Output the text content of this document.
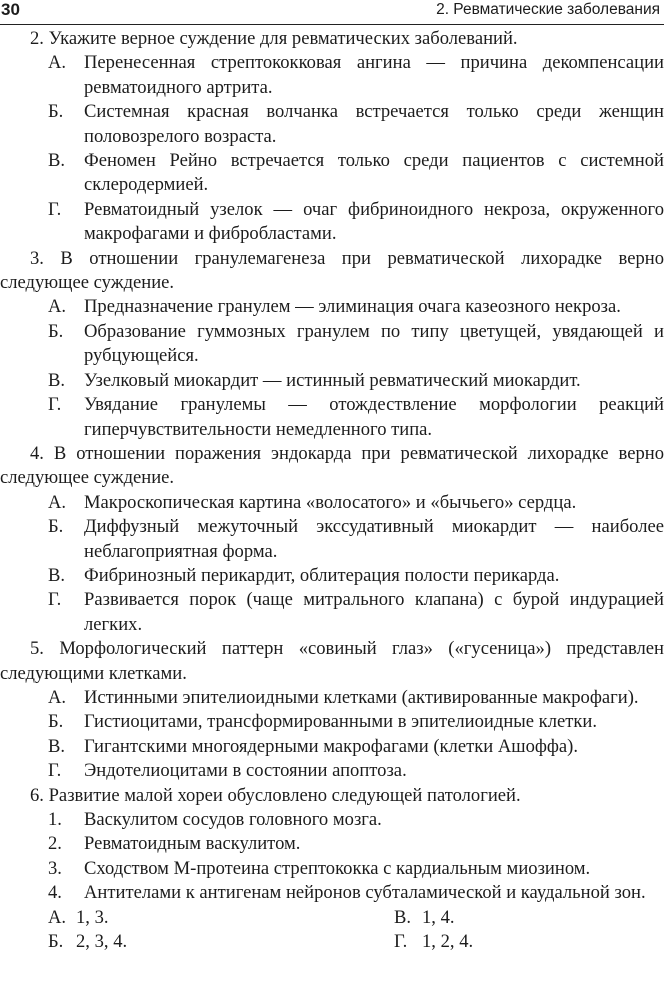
30	2. Ревматические заболевания

2. Укажите верное суждение для ревматических заболеваний.

А. Перенесенная стрептококковая ангина — причина декомпенсации ревматоидного артрита.

Б. Системная красная волчанка встречается только среди женщин половозрелого возраста.

В. Феномен Рейно встречается только среди пациентов с системной склеродермией.

Г. Ревматоидный узелок — очаг фибриноидного некроза, окруженного макрофагами и фибробластами.

3. В отношении гранулемагенеза при ревматической лихорадке верно следующее суждение.

А. Предназначение гранулем — элиминация очага казеозного некроза.

Б. Образование гуммозных гранулем по типу цветущей, увядающей и рубцующейся.

В. Узелковый миокардит — истинный ревматический миокардит.

Г. Увядание гранулемы — отождествление морфологии реакций гиперчувствительности немедленного типа.

4. В отношении поражения эндокарда при ревматической лихорадке верно следующее суждение.

А. Макроскопическая картина «волосатого» и «бычьего» сердца.

Б. Диффузный межуточный экссудативный миокардит — наиболее неблагоприятная форма.

В. Фибринозный перикардит, облитерация полости перикарда.

Г. Развивается порок (чаще митрального клапана) с бурой индурацией легких.

5. Морфологический паттерн «совиный глаз» («гусеница») представлен следующими клетками.

А. Истинными эпителиоидными клетками (активированные макрофаги).

Б. Гистиоцитами, трансформированными в эпителиоидные клетки.

В. Гигантскими многоядерными макрофагами (клетки Ашоффа).

Г. Эндотелиоцитами в состоянии апоптоза.

6. Развитие малой хореи обусловлено следующей патологией.

1. Васкулитом сосудов головного мозга.

2. Ревматоидным васкулитом.

3. Сходством М-протеина стрептококка с кардиальным миозином.

4. Антителами к антигенам нейронов субталамической и каудальной зон.

А. 1, 3.	В. 1, 4.
Б. 2, 3, 4.	Г. 1, 2, 4.
